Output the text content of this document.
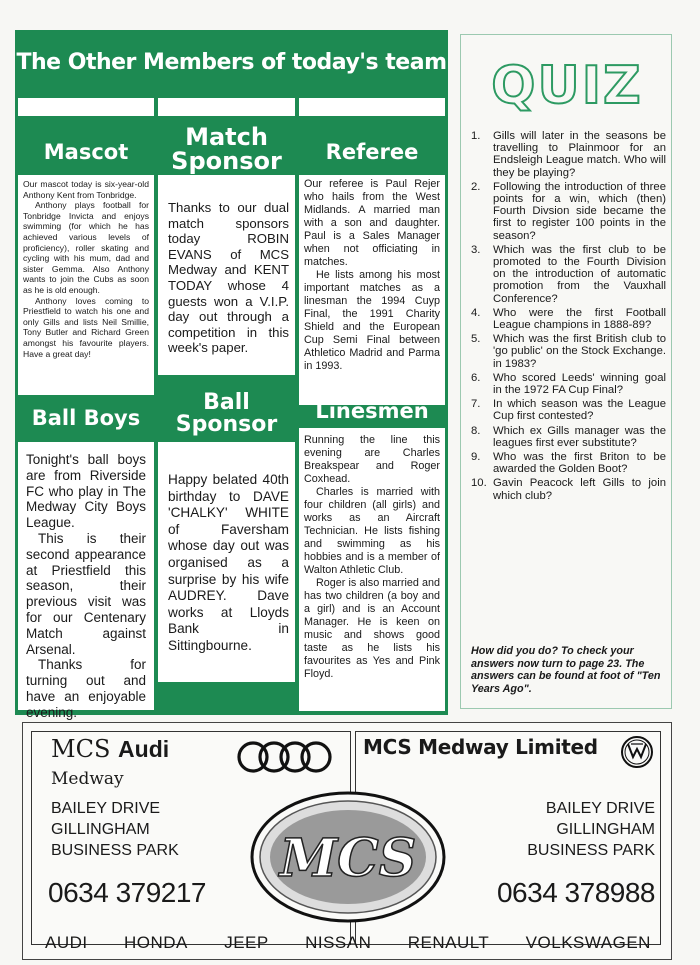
The Other Members of today's team
Mascot

Our mascot today is six-year-old Anthony Kent from Tonbridge.

Anthony plays football for Tonbridge Invicta and enjoys swimming (for which he has achieved various levels of proficiency), roller skating and cycling with his mum, dad and sister Gemma. Also Anthony wants to join the Cubs as soon as he is old enough.

Anthony loves coming to Priestfield to watch his one and only Gills and lists Neil Smillie, Tony Butler and Richard Green amongst his favourite players. Have a great day!

Match
Sponsor
Thanks to our dual match sponsors today ROBIN EVANS of MCS Medway and KENT TODAY whose 4 guests won a V.I.P. day out through a competition in this week's paper.
Referee

Our referee is Paul Rejer who hails from the West Midlands. A married man with a son and daughter. Paul is a Sales Manager when not officiating in matches.

He lists among his most important matches as a linesman the 1994 Cuyp Final, the 1991 Charity Shield and the European Cup Semi Final between Athletico Madrid and Parma in 1993.

Ball Boys

Tonight's ball boys are from Riverside FC who play in The Medway City Boys League.

This is their second appearance at Priestfield this season, their previous visit was for our Centenary Match against Arsenal.

Thanks for turning out and have an enjoyable evening.

Ball
Sponsor
Happy belated 40th birthday to DAVE 'CHALKY' WHITE of Faversham whose day out was organised as a surprise by his wife AUDREY. Dave works at Lloyds Bank in Sittingbourne.
Linesmen

Running the line this evening are Charles Breakspear and Roger Coxhead.

Charles is married with four children (all girls) and works as an Aircraft Technician. He lists fishing and swimming as his hobbies and is a member of Walton Athletic Club.

Roger is also married and has two children (a boy and a girl) and is an Account Manager. He is keen on music and shows good taste as he lists his favourites as Yes and Pink Floyd.

QUIZ
1.	Gills will later in the seasons be travelling to Plainmoor for an Endsleigh League match. Who will they be playing?
2.	Following the introduction of three points for a win, which (then) Fourth Divsion side became the first to register 100 points in the season?
3.	Which was the first club to be promoted to the Fourth Division on the introduction of automatic promotion from the Vauxhall Conference?
4.	Who were the first Football League champions in 1888-89?
5.	Which was the first British club to 'go public' on the Stock Exchange. in 1983?
6.	Who scored Leeds' winning goal in the 1972 FA Cup Final?
7.	In which season was the League Cup first contested?
8.	Which ex Gills manager was the leagues first ever substitute?
9.	Who was the first Briton to be awarded the Golden Boot?
10. Gavin Peacock left Gills to join which club?
How did you do? To check your answers now turn to page 23. The answers can be found at foot of "Ten Years Ago".
MCS Audi
Medway
BAILEY DRIVE
GILLINGHAM
BUSINESS PARK
0634 379217
MCS Medway Limited
BAILEY DRIVE
GILLINGHAM
BUSINESS PARK
0634 378988
MCS
AUDI HONDA JEEP NISSAN RENAULT VOLKSWAGEN
